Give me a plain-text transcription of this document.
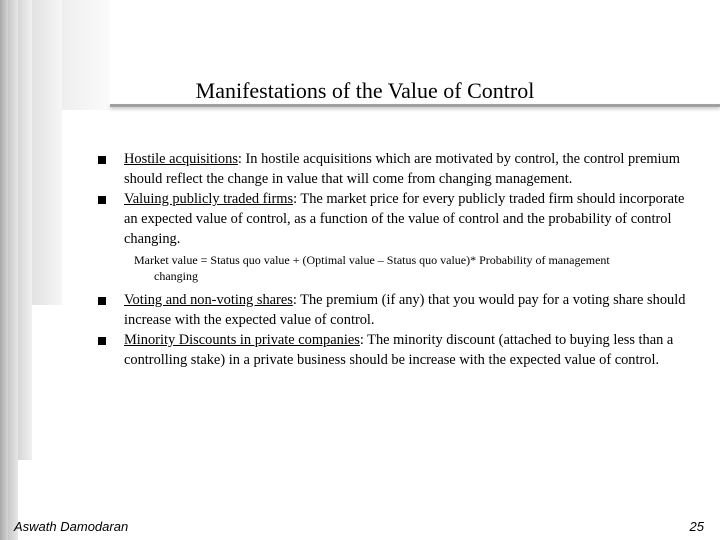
Manifestations of the Value of Control
Hostile acquisitions: In hostile acquisitions which are motivated by control, the control premium should reflect the change in value that will come from changing management.
Valuing publicly traded firms: The market price for every publicly traded firm should incorporate an expected value of control, as a function of the value of control and the probability of control changing.
Market value = Status quo value + (Optimal value – Status quo value)* Probability of management
changing
Voting and non-voting shares: The premium (if any) that you would pay for a voting share should increase with the expected value of control.
Minority Discounts in private companies: The minority discount (attached to buying less than a controlling stake) in a private business should be increase with the expected value of control.
Aswath Damodaran	25
